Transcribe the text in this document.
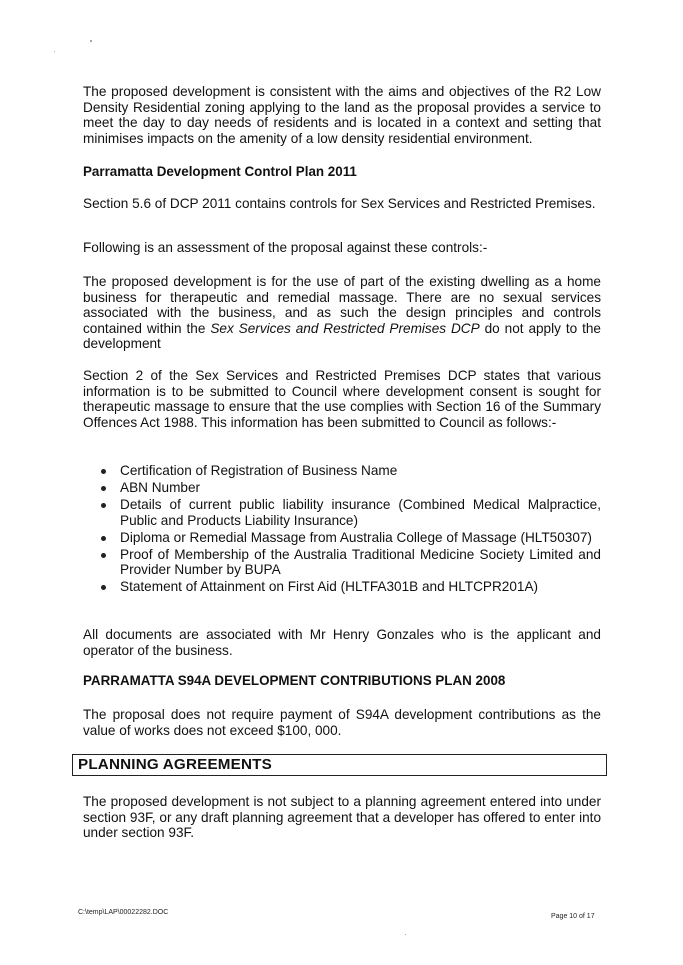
The proposed development is consistent with the aims and objectives of the R2 Low Density Residential zoning applying to the land as the proposal provides a service to meet the day to day needs of residents and is located in a context and setting that minimises impacts on the amenity of a low density residential environment.

Parramatta Development Control Plan 2011

Section 5.6 of DCP 2011 contains controls for Sex Services and Restricted Premises.

Following is an assessment of the proposal against these controls:-

The proposed development is for the use of part of the existing dwelling as a home business for therapeutic and remedial massage. There are no sexual services associated with the business, and as such the design principles and controls contained within the Sex Services and Restricted Premises DCP do not apply to the development

Section 2 of the Sex Services and Restricted Premises DCP states that various information is to be submitted to Council where development consent is sought for therapeutic massage to ensure that the use complies with Section 16 of the Summary Offences Act 1988. This information has been submitted to Council as follows:-

Certification of Registration of Business Name
ABN Number
Details of current public liability insurance (Combined Medical Malpractice, Public and Products Liability Insurance)
Diploma or Remedial Massage from Australia College of Massage (HLT50307)
Proof of Membership of the Australia Traditional Medicine Society Limited and Provider Number by BUPA
Statement of Attainment on First Aid (HLTFA301B and HLTCPR201A)

All documents are associated with Mr Henry Gonzales who is the applicant and operator of the business.

PARRAMATTA S94A DEVELOPMENT CONTRIBUTIONS PLAN 2008

The proposal does not require payment of S94A development contributions as the value of works does not exceed $100, 000.

PLANNING AGREEMENTS

The proposed development is not subject to a planning agreement entered into under section 93F, or any draft planning agreement that a developer has offered to enter into under section 93F.

C:\temp\LAP\00022282.DOC
Page 10 of 17
